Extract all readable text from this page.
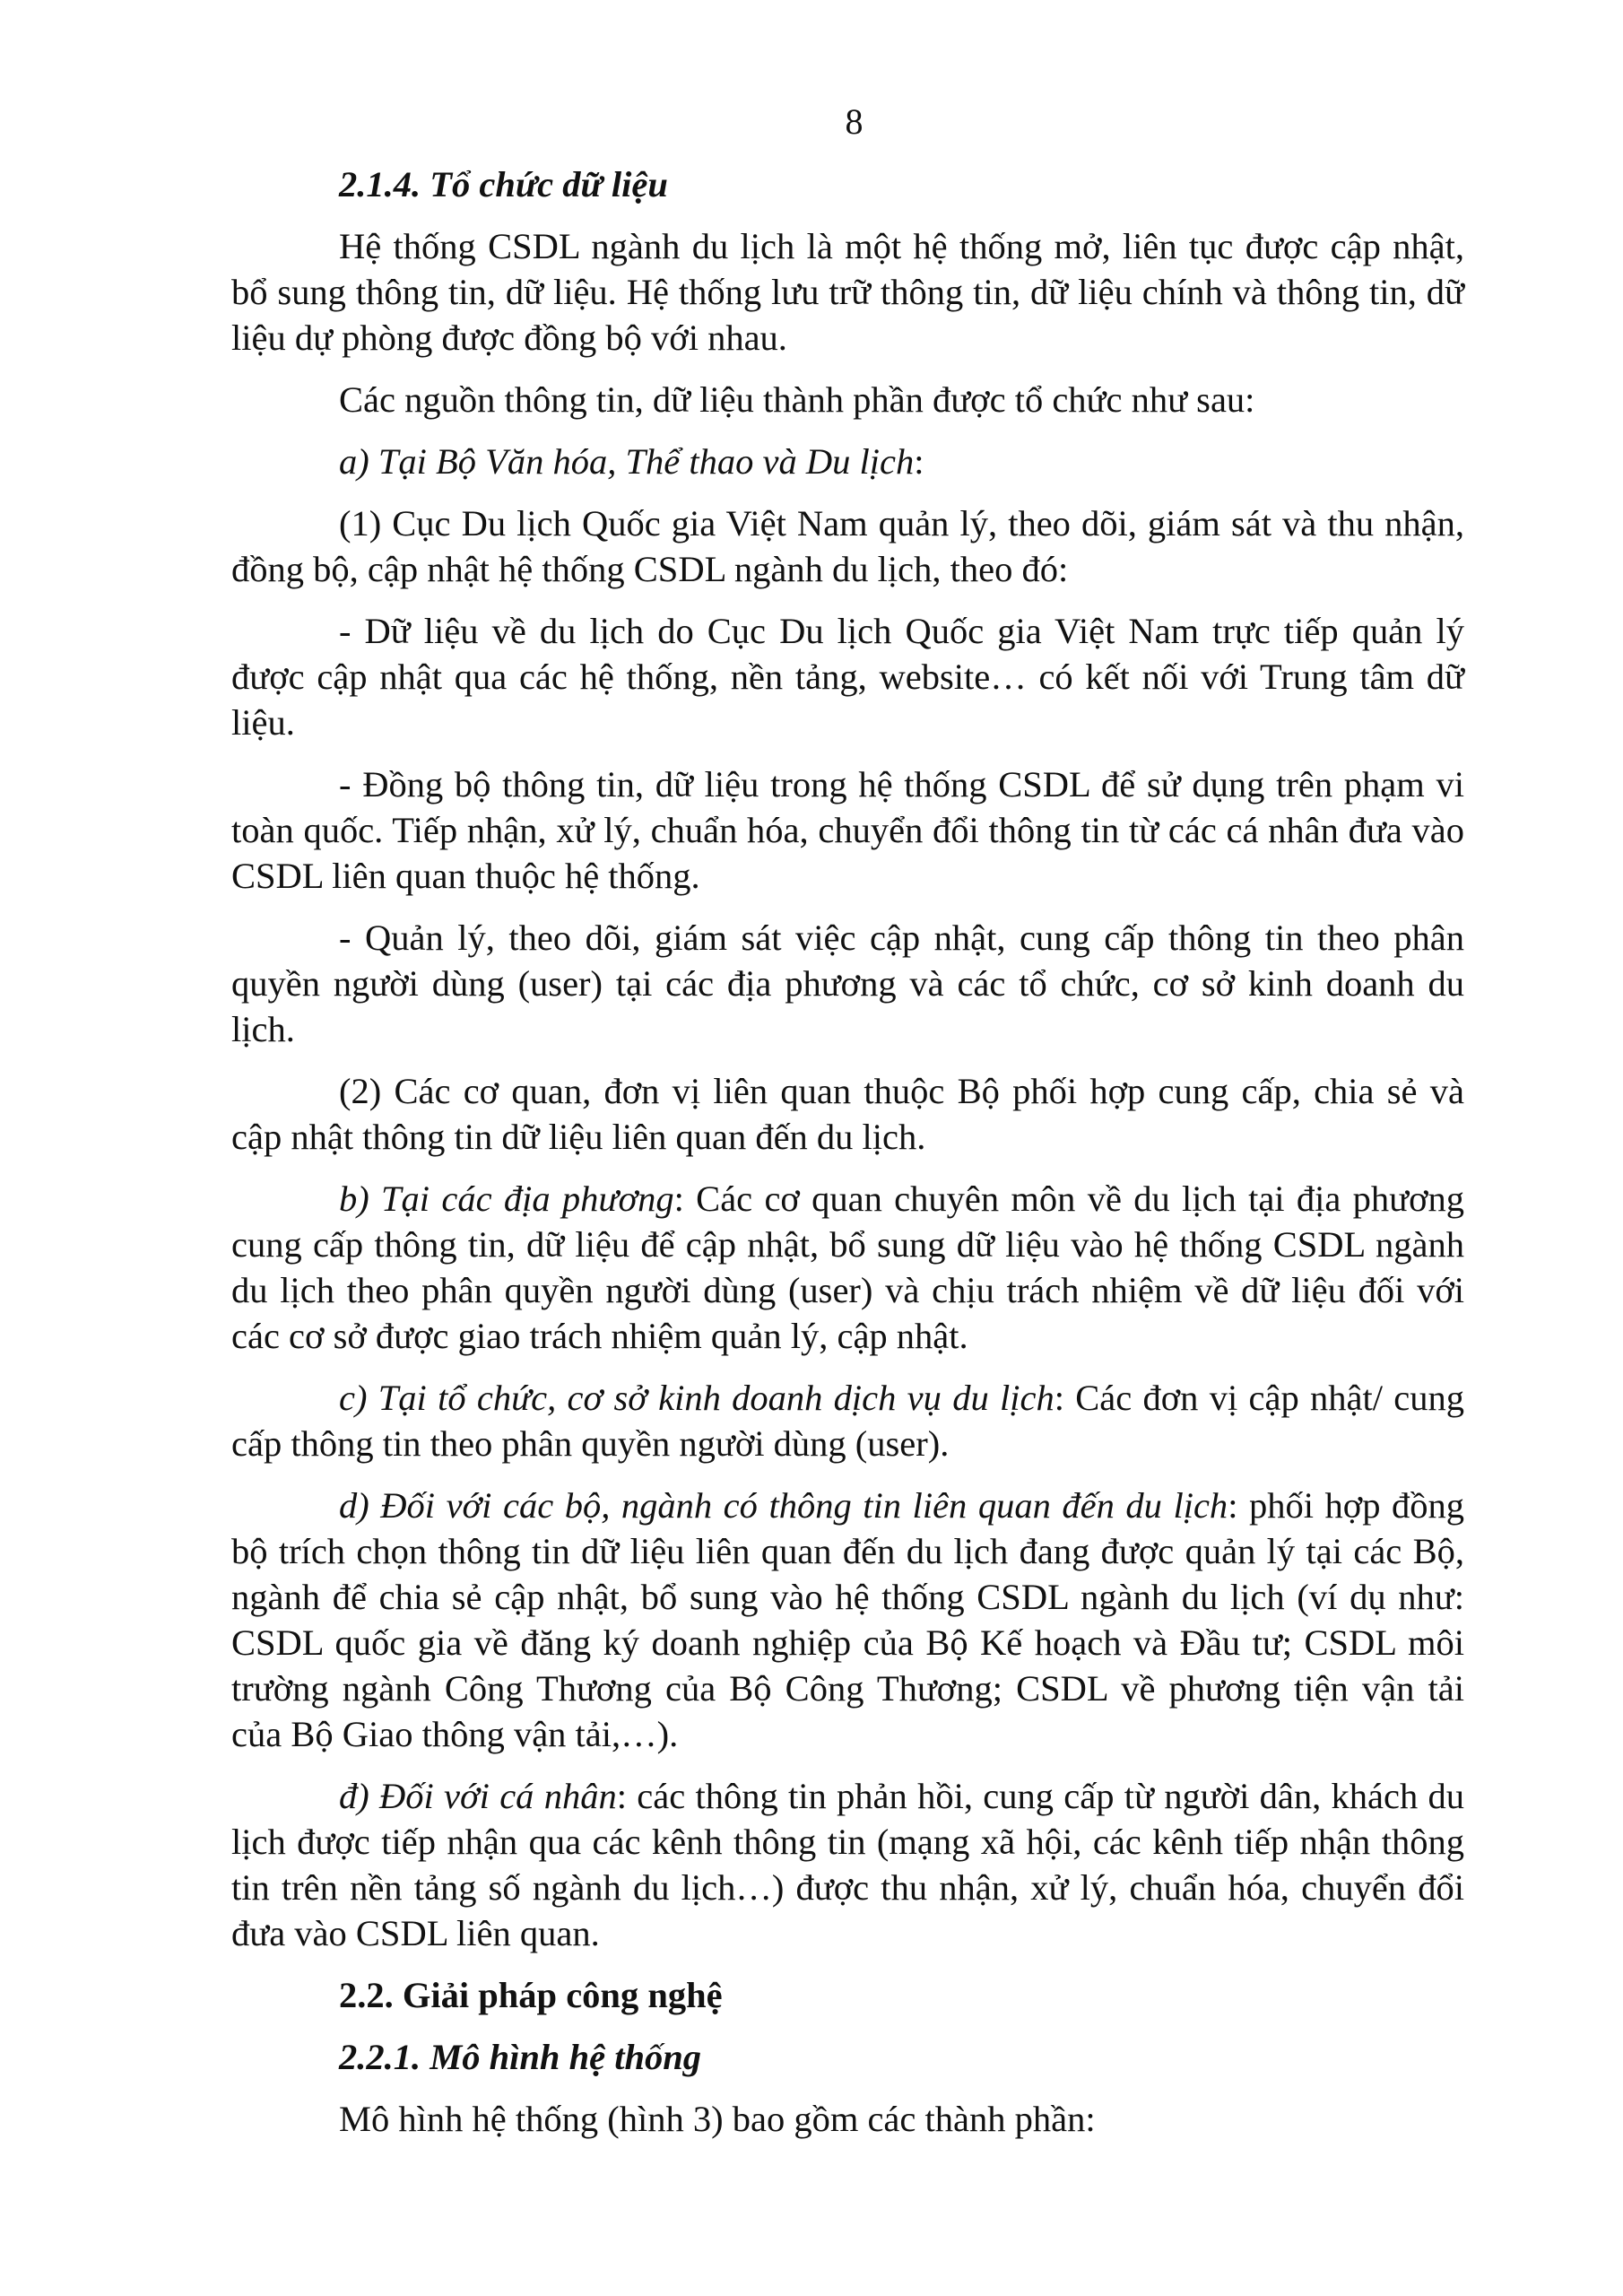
8

2.1.4. Tổ chức dữ liệu

Hệ thống CSDL ngành du lịch là một hệ thống mở, liên tục được cập nhật, bổ sung thông tin, dữ liệu. Hệ thống lưu trữ thông tin, dữ liệu chính và thông tin, dữ liệu dự phòng được đồng bộ với nhau.

Các nguồn thông tin, dữ liệu thành phần được tổ chức như sau:

a) Tại Bộ Văn hóa, Thể thao và Du lịch:

(1) Cục Du lịch Quốc gia Việt Nam quản lý, theo dõi, giám sát và thu nhận, đồng bộ, cập nhật hệ thống CSDL ngành du lịch, theo đó:

- Dữ liệu về du lịch do Cục Du lịch Quốc gia Việt Nam trực tiếp quản lý được cập nhật qua các hệ thống, nền tảng, website… có kết nối với Trung tâm dữ liệu.

- Đồng bộ thông tin, dữ liệu trong hệ thống CSDL để sử dụng trên phạm vi toàn quốc. Tiếp nhận, xử lý, chuẩn hóa, chuyển đổi thông tin từ các cá nhân đưa vào CSDL liên quan thuộc hệ thống.

- Quản lý, theo dõi, giám sát việc cập nhật, cung cấp thông tin theo phân quyền người dùng (user) tại các địa phương và các tổ chức, cơ sở kinh doanh du lịch.

(2) Các cơ quan, đơn vị liên quan thuộc Bộ phối hợp cung cấp, chia sẻ và cập nhật thông tin dữ liệu liên quan đến du lịch.

b) Tại các địa phương: Các cơ quan chuyên môn về du lịch tại địa phương cung cấp thông tin, dữ liệu để cập nhật, bổ sung dữ liệu vào hệ thống CSDL ngành du lịch theo phân quyền người dùng (user) và chịu trách nhiệm về dữ liệu đối với các cơ sở được giao trách nhiệm quản lý, cập nhật.

c) Tại tổ chức, cơ sở kinh doanh dịch vụ du lịch: Các đơn vị cập nhật/ cung cấp thông tin theo phân quyền người dùng (user).

d) Đối với các bộ, ngành có thông tin liên quan đến du lịch: phối hợp đồng bộ trích chọn thông tin dữ liệu liên quan đến du lịch đang được quản lý tại các Bộ, ngành để chia sẻ cập nhật, bổ sung vào hệ thống CSDL ngành du lịch (ví dụ như: CSDL quốc gia về đăng ký doanh nghiệp của Bộ Kế hoạch và Đầu tư; CSDL môi trường ngành Công Thương của Bộ Công Thương; CSDL về phương tiện vận tải của Bộ Giao thông vận tải,…).

đ) Đối với cá nhân: các thông tin phản hồi, cung cấp từ người dân, khách du lịch được tiếp nhận qua các kênh thông tin (mạng xã hội, các kênh tiếp nhận thông tin trên nền tảng số ngành du lịch…) được thu nhận, xử lý, chuẩn hóa, chuyển đổi đưa vào CSDL liên quan.

2.2. Giải pháp công nghệ

2.2.1. Mô hình hệ thống

Mô hình hệ thống (hình 3) bao gồm các thành phần:
